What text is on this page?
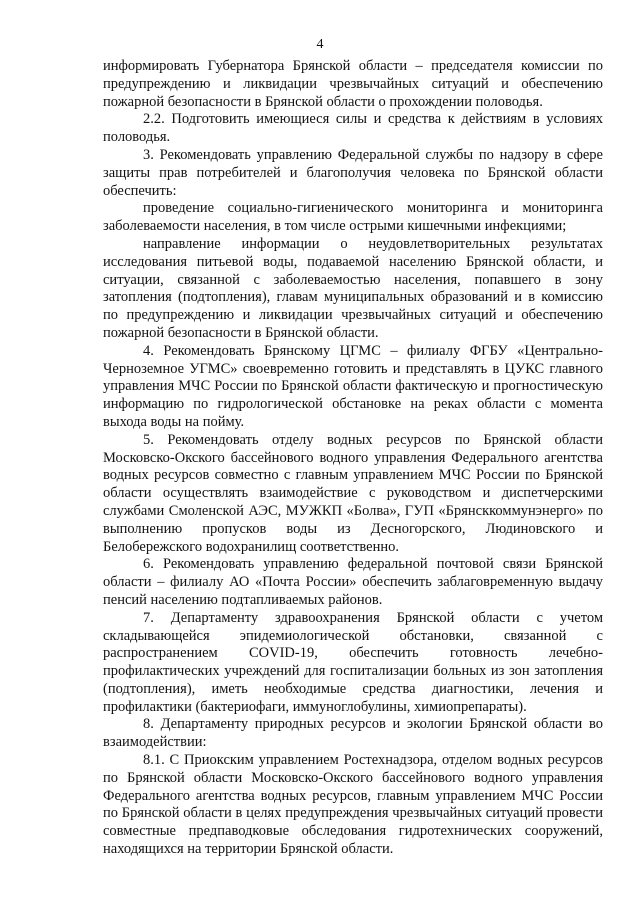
4

информировать Губернатора Брянской области – председателя комиссии по предупреждению и ликвидации чрезвычайных ситуаций и обеспечению пожарной безопасности в Брянской области о прохождении половодья.

2.2. Подготовить имеющиеся силы и средства к действиям в условиях половодья.

3. Рекомендовать управлению Федеральной службы по надзору в сфере защиты прав потребителей и благополучия человека по Брянской области обеспечить:

проведение социально-гигиенического мониторинга и мониторинга заболеваемости населения, в том числе острыми кишечными инфекциями;

направление информации о неудовлетворительных результатах исследования питьевой воды, подаваемой населению Брянской области, и ситуации, связанной с заболеваемостью населения, попавшего в зону затопления (подтопления), главам муниципальных образований и в комиссию по предупреждению и ликвидации чрезвычайных ситуаций и обеспечению пожарной безопасности в Брянской области.

4. Рекомендовать Брянскому ЦГМС – филиалу ФГБУ «Центрально-Черноземное УГМС» своевременно готовить и представлять в ЦУКС главного управления МЧС России по Брянской области фактическую и прогностическую информацию по гидрологической обстановке на реках области с момента выхода воды на пойму.

5. Рекомендовать отделу водных ресурсов по Брянской области Московско-Окского бассейнового водного управления Федерального агентства водных ресурсов совместно с главным управлением МЧС России по Брянской области осуществлять взаимодействие с руководством и диспетчерскими службами Смоленской АЭС, МУЖКП «Болва», ГУП «Брянсккоммунэнерго» по выполнению пропусков воды из Десногорского, Людиновского и Белобережского водохранилищ соответственно.

6. Рекомендовать управлению федеральной почтовой связи Брянской области – филиалу АО «Почта России» обеспечить заблаговременную выдачу пенсий населению подтапливаемых районов.

7. Департаменту здравоохранения Брянской области с учетом складывающейся эпидемиологической обстановки, связанной с распространением COVID-19, обеспечить готовность лечебно-профилактических учреждений для госпитализации больных из зон затопления (подтопления), иметь необходимые средства диагностики, лечения и профилактики (бактериофаги, иммуноглобулины, химиопрепараты).

8. Департаменту природных ресурсов и экологии Брянской области во взаимодействии:

8.1. С Приокским управлением Ростехнадзора, отделом водных ресурсов по Брянской области Московско-Окского бассейнового водного управления Федерального агентства водных ресурсов, главным управлением МЧС России по Брянской области в целях предупреждения чрезвычайных ситуаций провести совместные предпаводковые обследования гидротехнических сооружений, находящихся на территории Брянской области.
